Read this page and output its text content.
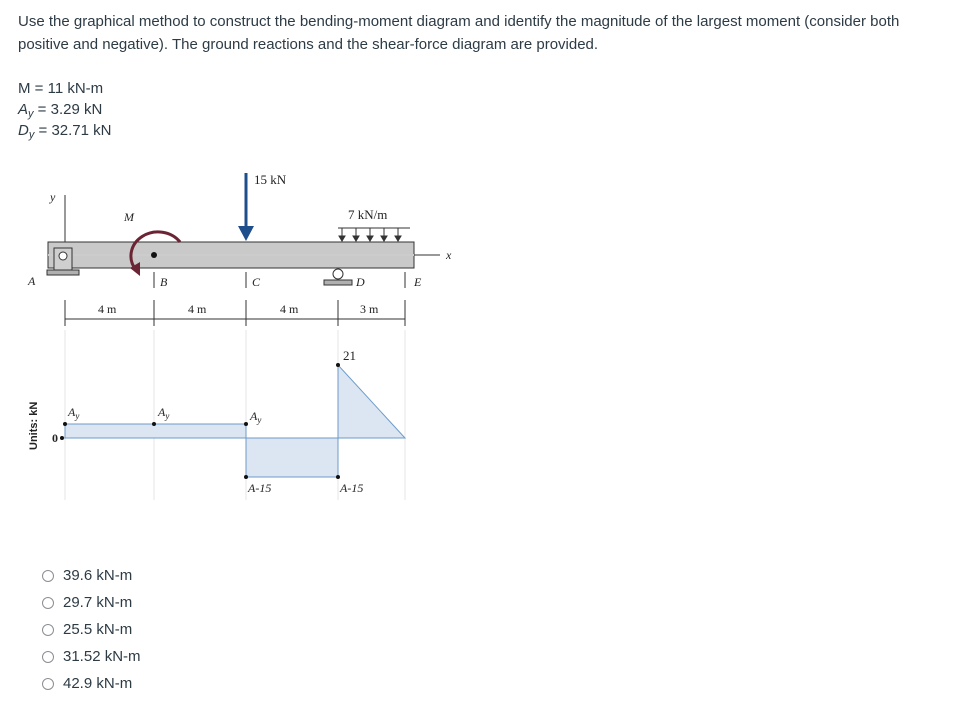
Use the graphical method to construct the bending-moment diagram and identify the magnitude of the largest moment (consider both positive and negative). The ground reactions and the shear-force diagram are provided.
M = 11 kN-m
$A_y = 3.29$ kN
$D_y = 32.71$ kN
y
x
A	B	C	D	E
M
15 kN
7 kN/m
4 m	4 m	4 m	3 m
0
$A_y$	$A_y$	$A_y$
21
A-15	A-15
Units: kN
39.6 kN-m
29.7 kN-m
25.5 kN-m
31.52 kN-m
42.9 kN-m
